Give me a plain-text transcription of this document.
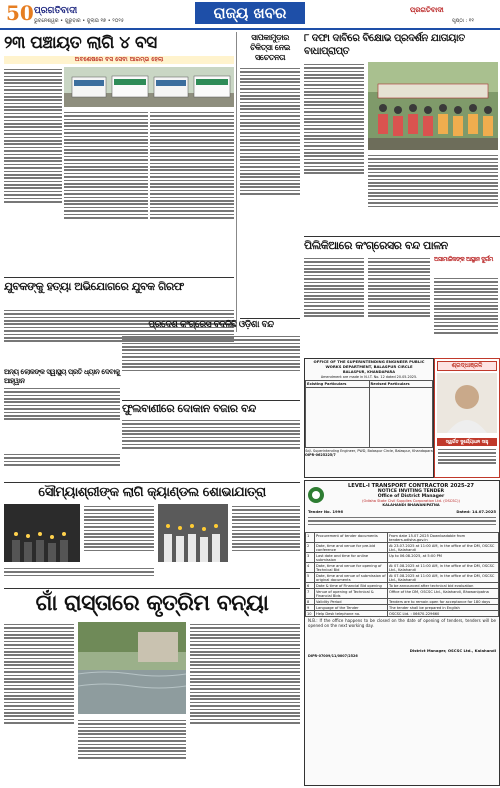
50 ପ୍ରଗତିବାଦୀ
ଭୁବନେଶ୍ୱର • ଗୁରୁବାର • ଜୁଲାଇ ୧୭ • ୨୦୨୫	ରାଜ୍ୟ ଖବର	ପ୍ରଗତିବାଦୀ
ପୃଷ୍ଠା : ୧୧
୨୩ ପଞ୍ଚାୟତ ଲାଗି ୪ ବସ
ଅବଶେଷରେ ବସ ସେବା ଆରମ୍ଭ ହେଲା
ସାପକାମୁଡ଼ାର ଚିକିତ୍ସା ନେଇ ସଚେତନତା
୮ ଦଫା ଦାବିରେ ବିକ୍ଷୋଭ ପ୍ରଦର୍ଶନ ଯାତାୟାତ ବାଧାପ୍ରାପ୍ତ
ପିଲିକିଆରେ କଂଗ୍ରେସର ବନ୍ଦ ପାଳନ
ଅସାମାଜିକଙ୍କ ଆସ୍ଥାନ ଦୁର୍ଗମ
ଯୁବକଙ୍କୁ ହତ୍ୟା ଅଭିଯୋଗରେ ଯୁବକ ଗିରଫ
ପ୍ରଦେଶ କଂଗ୍ରେସ ବଦଳିଛି ଓଡ଼ିଶା ବନ୍ଦ
ଅନ୍ୟ ଲୋକଙ୍କ ସ୍ୱାସ୍ଥ୍ୟ ପ୍ରତି ଧ୍ୟାନ ଦେବାକୁ ଆହ୍ୱାନ
OFFICE OF THE SUPERINTENDING ENGINEER PUBLIC WORKS DEPARTMENT, BALASPUR CIRCLE
BALASPUR, KHANDAPARA
Amendment are made in N.I.T. No. 12 dated 20.05.2025.
Existing Particulars	Revised Particulars

Sd/- Superintending Engineer, PWD, Balaspur Circle, Balaspur, Khandapara
OIPR-0625225/7
ଶ୍ରଦ୍ଧାଞ୍ଜଳି
ସ୍ୱର୍ଗତ ଦୁର୍ଯ୍ୟୋଧନ ସାହୁ
ଫୁଲବାଣୀରେ ଦୋକାନ ବଜାର ବନ୍ଦ
ସୌମ୍ୟାଶ୍ରୀଙ୍କ ଲାଗି କ୍ୟାଣ୍ଡଲ ଶୋଭାଯାତ୍ରା
ଗାଁ ରାସ୍ତାରେ କୃତ୍ରିମ ବନ୍ୟା
LEVEL-I TRANSPORT CONTRACTOR 2025-27
NOTICE INVITING TENDER
Office of District Manager
(Odisha State Civil Supplies Corporation Ltd. (OSCSC))
KALAHANDI BHAWANIPATNA
Tender No. 1996	Dated: 14.07.2025
1	Procurement of tender documents	From date 15.07.2025 Downloadable from tenders.odisha.gov.in
2	Date, time and venue for pre-bid conference	At 23.07.2025 at 11:00 AM, in the office of the DM, OSCSC Ltd., Kalahandi
3	Last date and time for online submission	Up to 06.08.2025, at 5:00 PM
4	Date, time and venue for opening of Technical Bid	At 07.08.2025 at 11:00 AM, in the office of the DM, OSCSC Ltd., Kalahandi
5	Date, time and venue of submission of original documents	At 07.08.2025 at 11:00 AM, in the office of the DM, OSCSC Ltd., Kalahandi
6	Date & time of Financial Bid opening	To be announced after technical bid evaluation
7	Venue of opening of Technical & Financial Bids	Office of the DM, OSCSC Ltd., Kalahandi, Bhawanipatna
8	Validity Period	Tenders are to remain open for acceptance for 180 days
9	Language of the Tender	The tender shall be prepared in English
10	Help Desk telephone no.	OSCSC Ltd. : 06670-229660
N.B.: If the office happens to be closed on the date of opening of tenders, tenders will be opened on the next working day.
District Manager, OSCSC Ltd., Kalahandi
DIPR-07009/11/0007/2526
